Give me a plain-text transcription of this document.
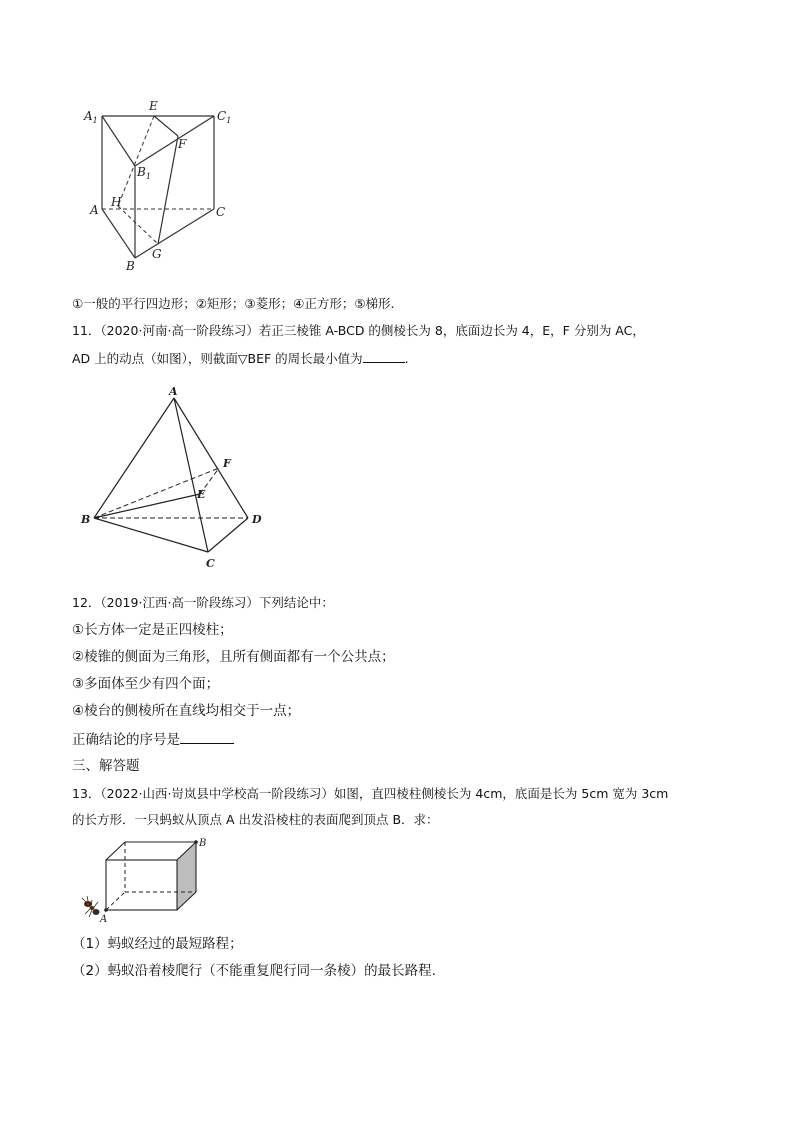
$A_1$
E
$C_1$
$B_1$
F
H
A	C
B
G
①一般的平行四边形；②矩形；③菱形；④正方形；⑤梯形.
11．（2020·河南·高一阶段练习）若正三棱锥 A-BCD 的侧棱长为 8，底面边长为 4，E，F 分别为 AC，
AD 上的动点（如图），则截面▽BEF 的周长最小值为	.
A
F
E
B	D
C
12．（2019·江西·高一阶段练习）下列结论中：
①长方体一定是正四棱柱；
②棱锥的侧面为三角形，且所有侧面都有一个公共点；
③多面体至少有四个面；
④棱台的侧棱所在直线均相交于一点；
正确结论的序号是
三、解答题
13．（2022·山西·岢岚县中学校高一阶段练习）如图，直四棱柱侧棱长为 4cm，底面是长为 5cm 宽为 3cm
的长方形．一只蚂蚁从顶点 A 出发沿棱柱的表面爬到顶点 B．求：
B
A
（1）蚂蚁经过的最短路程；
（2）蚂蚁沿着棱爬行（不能重复爬行同一条棱）的最长路程.
